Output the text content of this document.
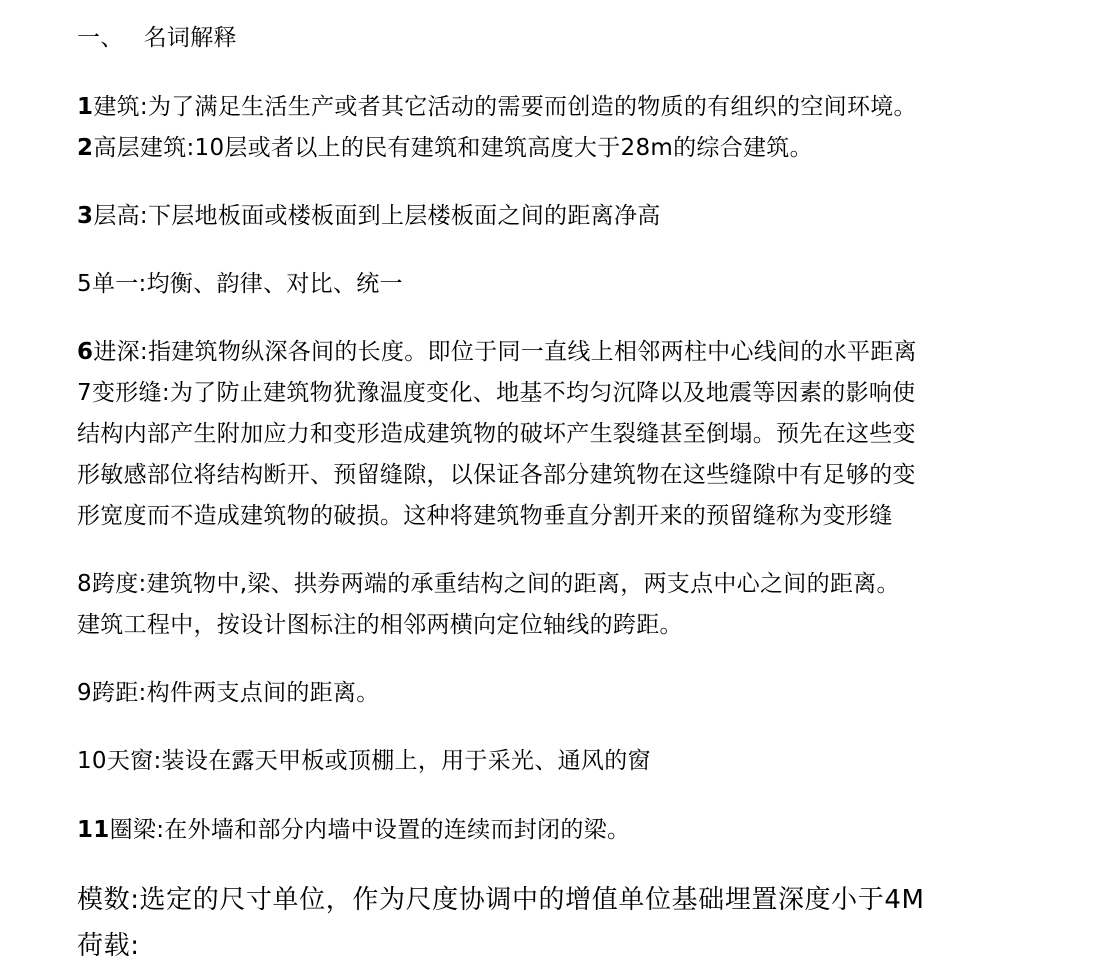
一、 名词解释
1建筑:为了满足生活生产或者其它活动的需要而创造的物质的有组织的空间环境。
2高层建筑:10层或者以上的民有建筑和建筑高度大于28m的综合建筑。
3层高:下层地板面或楼板面到上层楼板面之间的距离净高
5单一:均衡、韵律、对比、统一
6进深:指建筑物纵深各间的长度。即位于同一直线上相邻两柱中心线间的水平距离
7变形缝:为了防止建筑物犹豫温度变化、地基不均匀沉降以及地震等因素的影响使
结构内部产生附加应力和变形造成建筑物的破坏产生裂缝甚至倒塌。预先在这些变
形敏感部位将结构断开、预留缝隙，以保证各部分建筑物在这些缝隙中有足够的变
形宽度而不造成建筑物的破损。这种将建筑物垂直分割开来的预留缝称为变形缝
8跨度:建筑物中,梁、拱券两端的承重结构之间的距离，两支点中心之间的距离。
建筑工程中，按设计图标注的相邻两横向定位轴线的跨距。
9跨距:构件两支点间的距离。
10天窗:装设在露天甲板或顶棚上，用于采光、通风的窗
11圈梁:在外墙和部分内墙中设置的连续而封闭的梁。
模数:选定的尺寸单位，作为尺度协调中的增值单位基础埋置深度小于4M
荷载:
